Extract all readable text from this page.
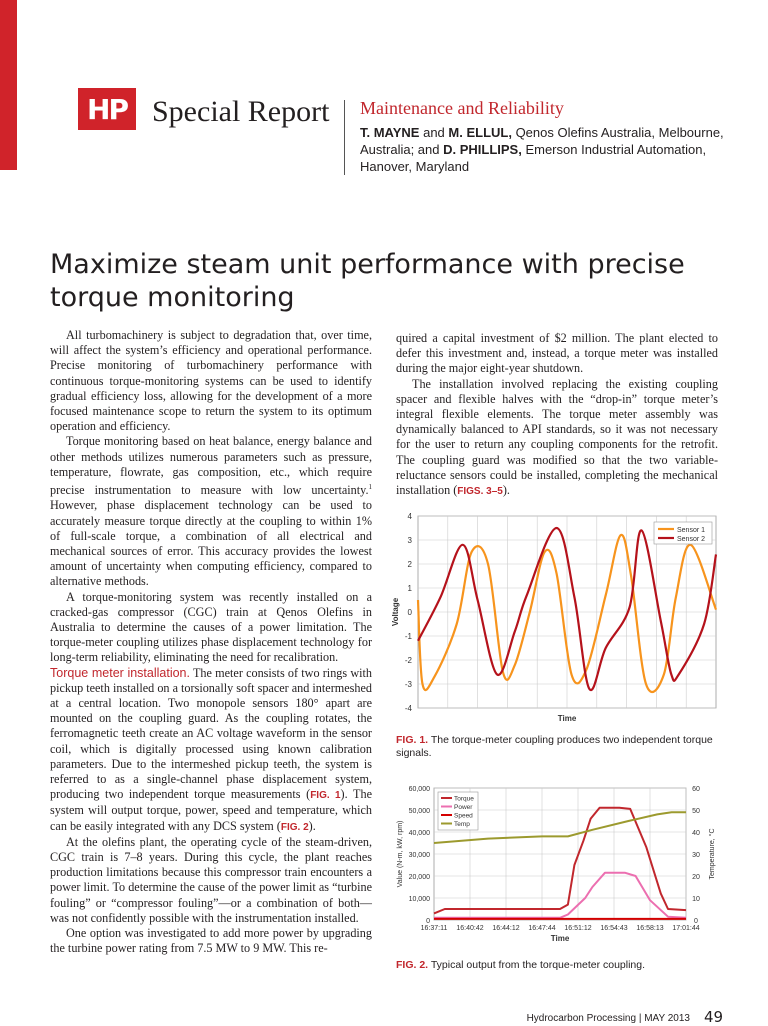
HP Special Report Maintenance and Reliability
T. MAYNE and M. ELLUL, Qenos Olefins Australia, Melbourne, Australia; and D. PHILLIPS, Emerson Industrial Automation, Hanover, Maryland
Maximize steam unit performance with precise torque monitoring

All turbomachinery is subject to degradation that, over time, will affect the system’s efficiency and operational performance. Precise monitoring of turbomachinery performance with continuous torque-monitoring systems can be used to identify gradual efficiency loss, allowing for the development of a more focused maintenance scope to return the system to its optimum operation and efficiency.

Torque monitoring based on heat balance, energy balance and other methods utilizes numerous parameters such as pressure, temperature, flowrate, gas composition, etc., which require precise instrumentation to measure with low uncertainty.$^1$ However, phase displacement technology can be used to accurately measure torque directly at the coupling to within 1% of full-scale torque, a combination of all electrical and mechanical sources of error. This accuracy provides the lowest amount of uncertainty when computing efficiency, compared to alternative methods.

A torque-monitoring system was recently installed on a cracked-gas compressor (CGC) train at Qenos Olefins in Australia to determine the causes of a power limitation. The torque-meter coupling utilizes phase displacement technology for long-term reliability, eliminating the need for recalibration.

Torque meter installation. The meter consists of two rings with pickup teeth installed on a torsionally soft spacer and intermeshed at a central location. Two monopole sensors 180° apart are mounted on the coupling guard. As the coupling rotates, the ferromagnetic teeth create an AC voltage waveform in the sensor coil, which is digitally processed using known calibration parameters. Due to the intermeshed pickup teeth, the system is referred to as a single-channel phase displacement system, producing two independent torque measurements (FIG. 1). The system will output torque, power, speed and temperature, which can be easily integrated with any DCS system (FIG. 2).

At the olefins plant, the operating cycle of the steam-driven, CGC train is 7–8 years. During this cycle, the plant reaches production limitations because this compressor train encounters a power limit. To determine the cause of the power limit as “turbine fouling” or “compressor fouling”—or a combination of both—was not confidently possible with the instrumentation installed.

One option was investigated to add more power by upgrading the turbine power rating from 7.5 MW to 9 MW. This re-

quired a capital investment of $2 million. The plant elected to defer this investment and, instead, a torque meter was installed during the major eight-year shutdown.

The installation involved replacing the existing coupling spacer and flexible halves with the “drop-in” torque meter’s integral flexible elements. The torque meter assembly was dynamically balanced to API standards, so it was not necessary for the user to return any coupling components for the retrofit. The coupling guard was modified so that the two variable-reluctance sensors could be installed, completing the mechanical installation (FIGS. 3–5).

4
3
2
1
0
-1
-2
-3
-4
Voltage
Time
Sensor 1
Sensor 2
FIG. 1. The torque-meter coupling produces two independent torque signals.
16:37:11 16:40:42 16:44:12 16:47:44 16:51:12 16:54:43 16:58:13 17:01:44
60,000
50,000
40,000
30,000
20,000
10,000
0
60
50
40
30
20
10
0
Value (N-m, kW, rpm)	Temperature, °C
Time
Torque
Power
Speed
Temp
FIG. 2. Typical output from the torque-meter coupling.
Hydrocarbon Processing | MAY 2013 49
